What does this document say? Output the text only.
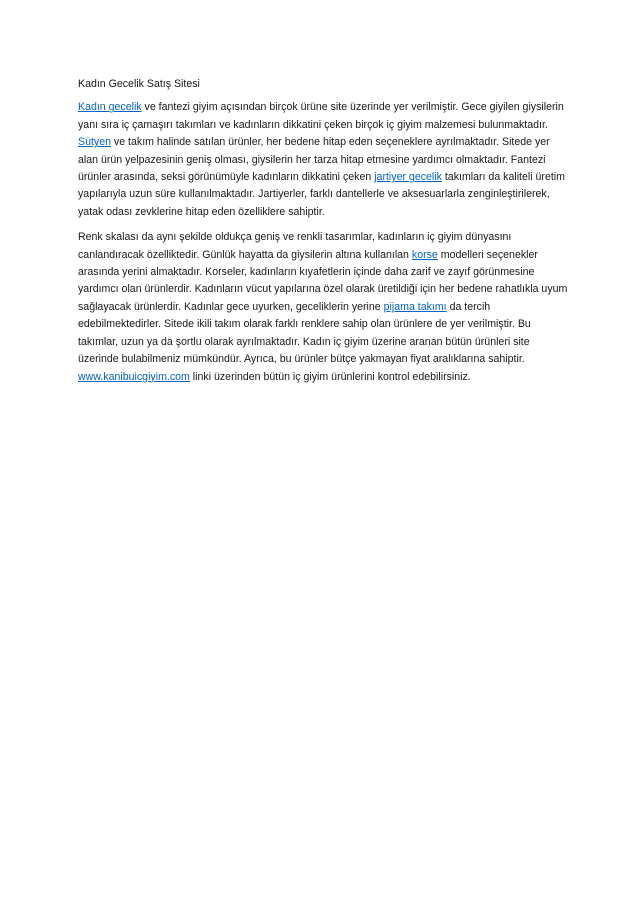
Kadın Gecelik Satış Sitesi

Kadın gecelik ve fantezi giyim açısından birçok ürüne site üzerinde yer verilmiştir. Gece giyilen giysilerin yanı sıra iç çamaşırı takımları ve kadınların dikkatini çeken birçok iç giyim malzemesi bulunmaktadır. Sütyen ve takım halinde satılan ürünler, her bedene hitap eden seçeneklere ayrılmaktadır. Sitede yer alan ürün yelpazesinin geniş olması, giysilerin her tarza hitap etmesine yardımcı olmaktadır. Fantezi ürünler arasında, seksi görünümüyle kadınların dikkatini çeken jartiyer gecelik takımları da kaliteli üretim yapılarıyla uzun süre kullanılmaktadır. Jartiyerler, farklı dantellerle ve aksesuarlarla zenginleştirilerek, yatak odası zevklerine hitap eden özelliklere sahiptir.

Renk skalası da aynı şekilde oldukça geniş ve renkli tasarımlar, kadınların iç giyim dünyasını canlandıracak özelliktedir. Günlük hayatta da giysilerin altına kullanılan korse modelleri seçenekler arasında yerini almaktadır. Korseler, kadınların kıyafetlerin içinde daha zarif ve zayıf görünmesine yardımcı olan ürünlerdir. Kadınların vücut yapılarına özel olarak üretildiği için her bedene rahatlıkla uyum sağlayacak ürünlerdir. Kadınlar gece uyurken, geceliklerin yerine pijama takımı da tercih edebilmektedirler. Sitede ikili takım olarak farklı renklere sahip olan ürünlere de yer verilmiştir. Bu takımlar, uzun ya da şortlu olarak ayrılmaktadır. Kadın iç giyim üzerine aranan bütün ürünleri site üzerinde bulabilmeniz mümkündür. Ayrıca, bu ürünler bütçe yakmayan fiyat aralıklarına sahiptir. www.kanibuicgiyim.com linki üzerinden bütün iç giyim ürünlerini kontrol edebilirsiniz.
